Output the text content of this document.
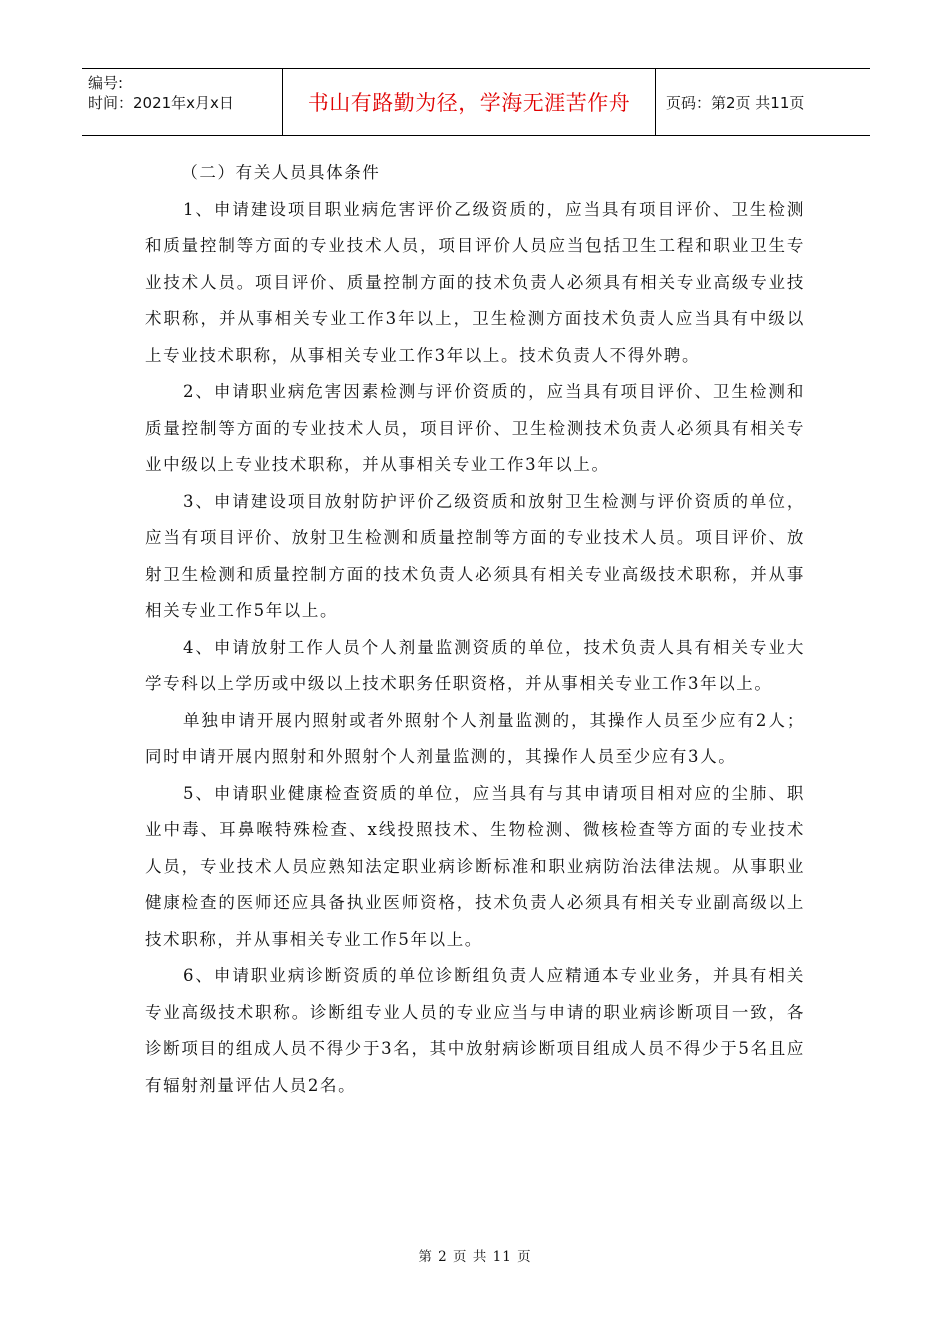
编号:
时间：2021年x月x日	书山有路勤为径，学海无涯苦作舟	页码：第2页 共11页

（二）有关人员具体条件

1、申请建设项目职业病危害评价乙级资质的，应当具有项目评价、卫生检测和质量控制等方面的专业技术人员，项目评价人员应当包括卫生工程和职业卫生专业技术人员。项目评价、质量控制方面的技术负责人必须具有相关专业高级专业技术职称，并从事相关专业工作3年以上，卫生检测方面技术负责人应当具有中级以上专业技术职称，从事相关专业工作3年以上。技术负责人不得外聘。

2、申请职业病危害因素检测与评价资质的，应当具有项目评价、卫生检测和质量控制等方面的专业技术人员，项目评价、卫生检测技术负责人必须具有相关专业中级以上专业技术职称，并从事相关专业工作3年以上。

3、申请建设项目放射防护评价乙级资质和放射卫生检测与评价资质的单位，应当有项目评价、放射卫生检测和质量控制等方面的专业技术人员。项目评价、放射卫生检测和质量控制方面的技术负责人必须具有相关专业高级技术职称，并从事相关专业工作5年以上。

4、申请放射工作人员个人剂量监测资质的单位，技术负责人具有相关专业大学专科以上学历或中级以上技术职务任职资格，并从事相关专业工作3年以上。

单独申请开展内照射或者外照射个人剂量监测的，其操作人员至少应有2人；同时申请开展内照射和外照射个人剂量监测的，其操作人员至少应有3人。

5、申请职业健康检查资质的单位，应当具有与其申请项目相对应的尘肺、职业中毒、耳鼻喉特殊检查、x线投照技术、生物检测、微核检查等方面的专业技术人员，专业技术人员应熟知法定职业病诊断标准和职业病防治法律法规。从事职业健康检查的医师还应具备执业医师资格，技术负责人必须具有相关专业副高级以上技术职称，并从事相关专业工作5年以上。

6、申请职业病诊断资质的单位诊断组负责人应精通本专业业务，并具有相关专业高级技术职称。诊断组专业人员的专业应当与申请的职业病诊断项目一致，各诊断项目的组成人员不得少于3名，其中放射病诊断项目组成人员不得少于5名且应有辐射剂量评估人员2名。

第 2 页 共 11 页
